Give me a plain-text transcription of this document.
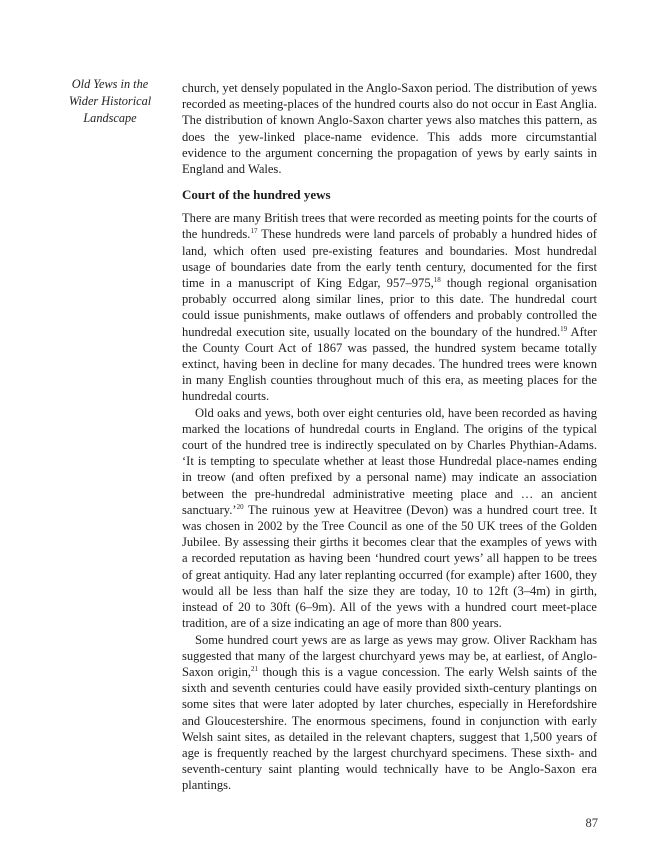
Old Yews in the
Wider Historical
Landscape

church, yet densely populated in the Anglo-Saxon period. The distribution of yews recorded as meeting-places of the hundred courts also do not occur in East Anglia. The distribution of known Anglo-Saxon charter yews also matches this pattern, as does the yew-linked place-name evidence. This adds more circumstantial evidence to the argument concerning the propagation of yews by early saints in England and Wales.

Court of the hundred yews

There are many British trees that were recorded as meeting points for the courts of the hundreds.$^{17}$ These hundreds were land parcels of probably a hundred hides of land, which often used pre-existing features and boundaries. Most hundredal usage of boundaries date from the early tenth century, documented for the first time in a manuscript of King Edgar, 957–975,18 though regional organisation probably occurred along similar lines, prior to this date. The hundredal court could issue punishments, make outlaws of offenders and probably controlled the hundredal execution site, usually located on the boundary of the hundred.$^{19}$ After the County Court Act of 1867 was passed, the hundred system became totally extinct, having been in decline for many decades. The hundred trees were known in many English counties throughout much of this era, as meeting places for the hundredal courts.

Old oaks and yews, both over eight centuries old, have been recorded as having marked the locations of hundredal courts in England. The origins of the typical court of the hundred tree is indirectly speculated on by Charles Phythian-Adams. ‘It is tempting to speculate whether at least those Hundredal place-names ending in treow (and often prefixed by a personal name) may indicate an association between the pre-hundredal administrative meeting place and … an ancient sanctuary.’$^{20}$ The ruinous yew at Heavitree (Devon) was a hundred court tree. It was chosen in 2002 by the Tree Council as one of the 50 UK trees of the Golden Jubilee. By assessing their girths it becomes clear that the examples of yews with a recorded reputation as having been ‘hundred court yews’ all happen to be trees of great antiquity. Had any later replanting occurred (for example) after 1600, they would all be less than half the size they are today, 10 to 12ft (3–4m) in girth, instead of 20 to 30ft (6–9m). All of the yews with a hundred court meet-place tradition, are of a size indicating an age of more than 800 years.

Some hundred court yews are as large as yews may grow. Oliver Rackham has suggested that many of the largest churchyard yews may be, at earliest, of Anglo-Saxon origin,$^{21}$ though this is a vague concession. The early Welsh saints of the sixth and seventh centuries could have easily provided sixth-century plantings on some sites that were later adopted by later churches, especially in Herefordshire and Gloucestershire. The enormous specimens, found in conjunction with early Welsh saint sites, as detailed in the relevant chapters, suggest that 1,500 years of age is frequently reached by the largest churchyard specimens. These sixth- and seventh-century saint planting would technically have to be Anglo-Saxon era plantings.

87
